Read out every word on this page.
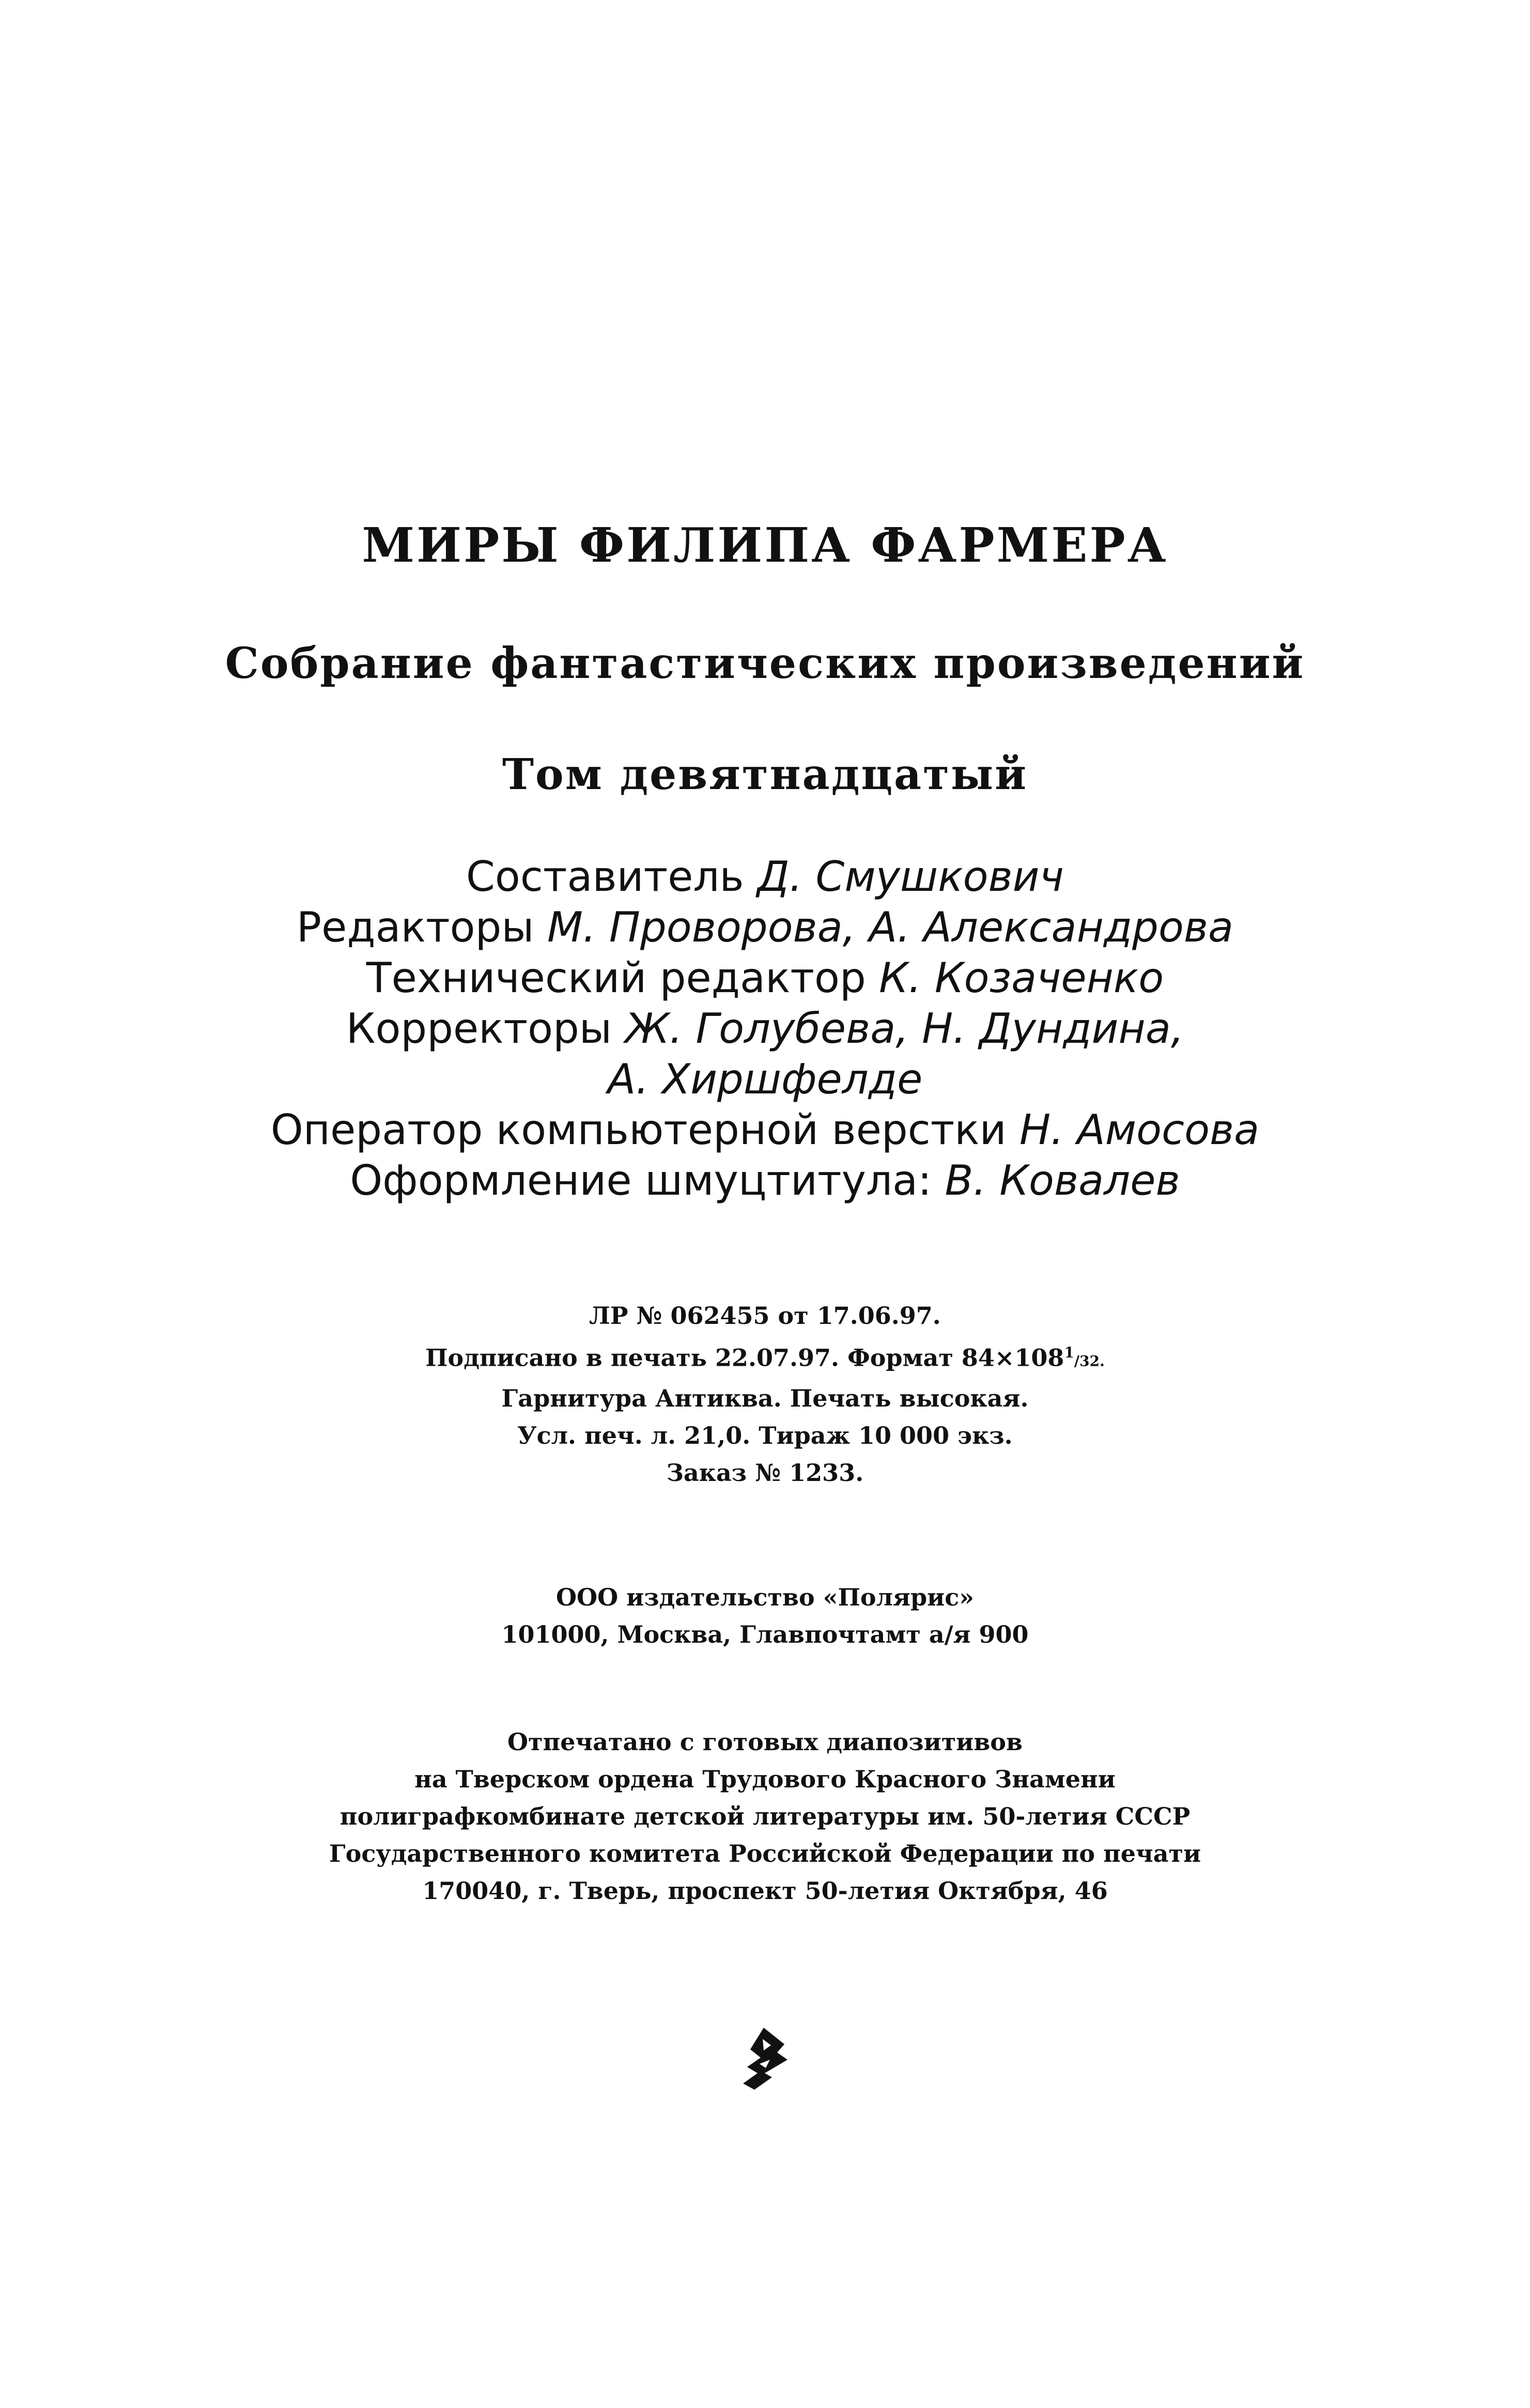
МИРЫ ФИЛИПА ФАРМЕРА
Собрание фантастических произведений
Том девятнадцатый
Составитель Д. Смушкович
Редакторы М. Проворова, А. Александрова
Технический редактор К. Козаченко
Корректоры Ж. Голубева, Н. Дундина,
А. Хиршфелде
Оператор компьютерной верстки Н. Амосова
Оформление шмуцтитула: В. Ковалев
ЛР № 062455 от 17.06.97.
Подписано в печать 22.07.97. Формат $84\times 108^1/32$.
Гарнитура Антиква. Печать высокая.
Усл. печ. л. 21,0. Тираж 10 000 экз.
Заказ № 1233.
ООО издательство «Полярис»
101000, Москва, Главпочтамт а/я 900
Отпечатано с готовых диапозитивов
на Тверском ордена Трудового Красного Знамени
полиграфкомбинате детской литературы им. 50-летия СССР
Государственного комитета Российской Федерации по печати
170040, г. Тверь, проспект 50-летия Октября, 46
